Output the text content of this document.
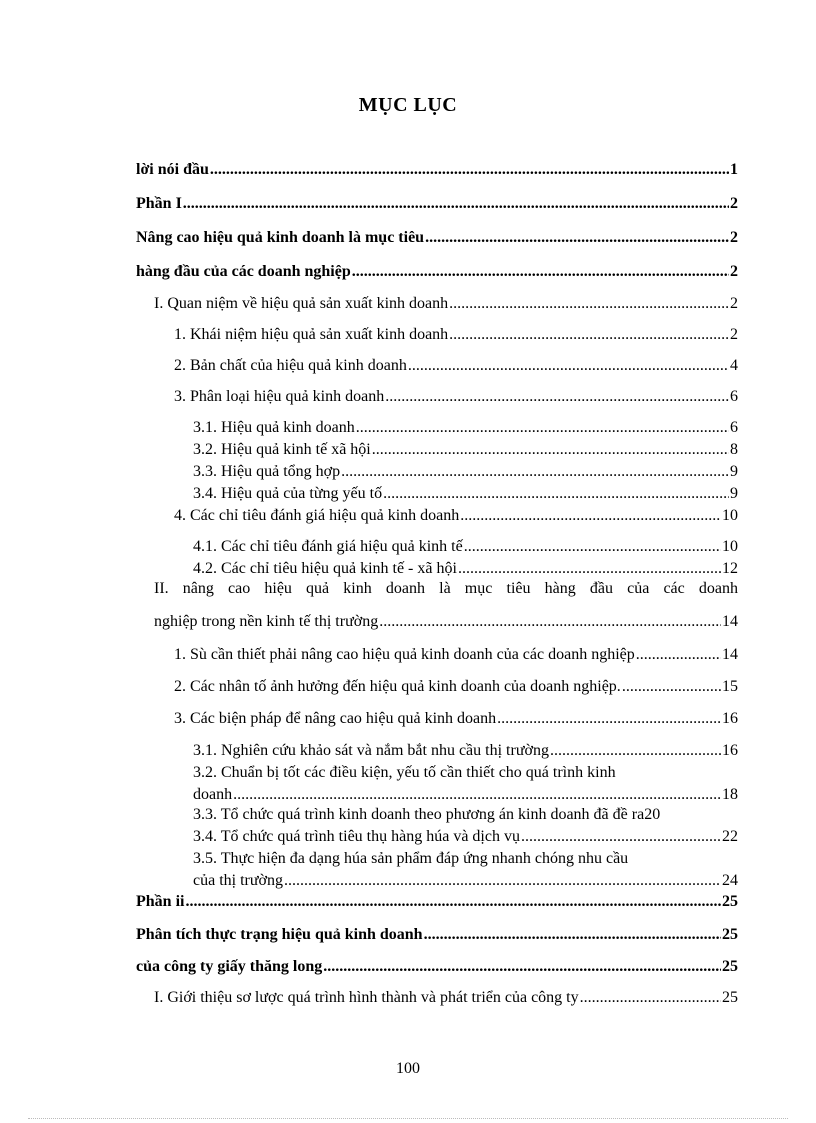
MỤC LỤC
lời nói đầu .....	1
Phần I .....	2
Nâng cao hiệu quả kinh doanh là mục tiêu .....	2
hàng đầu của các doanh nghiệp .....	2
I. Quan niệm về hiệu quả sản xuất kinh doanh .....	2
1. Khái niệm hiệu quả sản xuất kinh doanh .....	2
2. Bản chất của hiệu quả kinh doanh .....	4
3. Phân loại hiệu quả kinh doanh .....	6
3.1. Hiệu quả kinh doanh .....	6
3.2. Hiệu quả kinh tế xã hội .....	8
3.3. Hiệu quả tổng hợp .....	9
3.4. Hiệu quả của từng yếu tố .....	9
4. Các chỉ tiêu đánh giá hiệu quả kinh doanh .....	10
4.1. Các chỉ tiêu đánh giá hiệu quả kinh tế .....	10
4.2. Các chỉ tiêu hiệu quả kinh tế - xã hội .....	12
II. nâng cao hiệu quả kinh doanh là mục tiêu hàng đầu của các doanh
nghiệp trong nền kinh tế thị trường .....	14
1. Sù cần thiết phải nâng cao hiệu quả kinh doanh của các doanh nghiệp .....	14
2. Các nhân tố ảnh hưởng đến hiệu quả kinh doanh của doanh nghiệp. .....	15
3. Các biện pháp để nâng cao hiệu quả kinh doanh .....	16
3.1. Nghiên cứu khảo sát và nắm bắt nhu cầu thị trường .....	16
3.2. Chuẩn bị tốt các điều kiện, yếu tố cần thiết cho quá trình kinh
doanh .....	18
3.3. Tổ chức quá trình kinh doanh theo phương án kinh doanh đã đề ra 20
3.4. Tổ chức quá trình tiêu thụ hàng húa và dịch vụ .....	22
3.5. Thực hiện đa dạng húa sản phẩm đáp ứng nhanh chóng nhu cầu
của thị trường .....	24
Phần ii .....	25
Phân tích thực trạng hiệu quả kinh doanh .....	25
của công ty giấy thăng long .....	25
I. Giới thiệu sơ lược quá trình hình thành và phát triển của công ty .....	25
100
